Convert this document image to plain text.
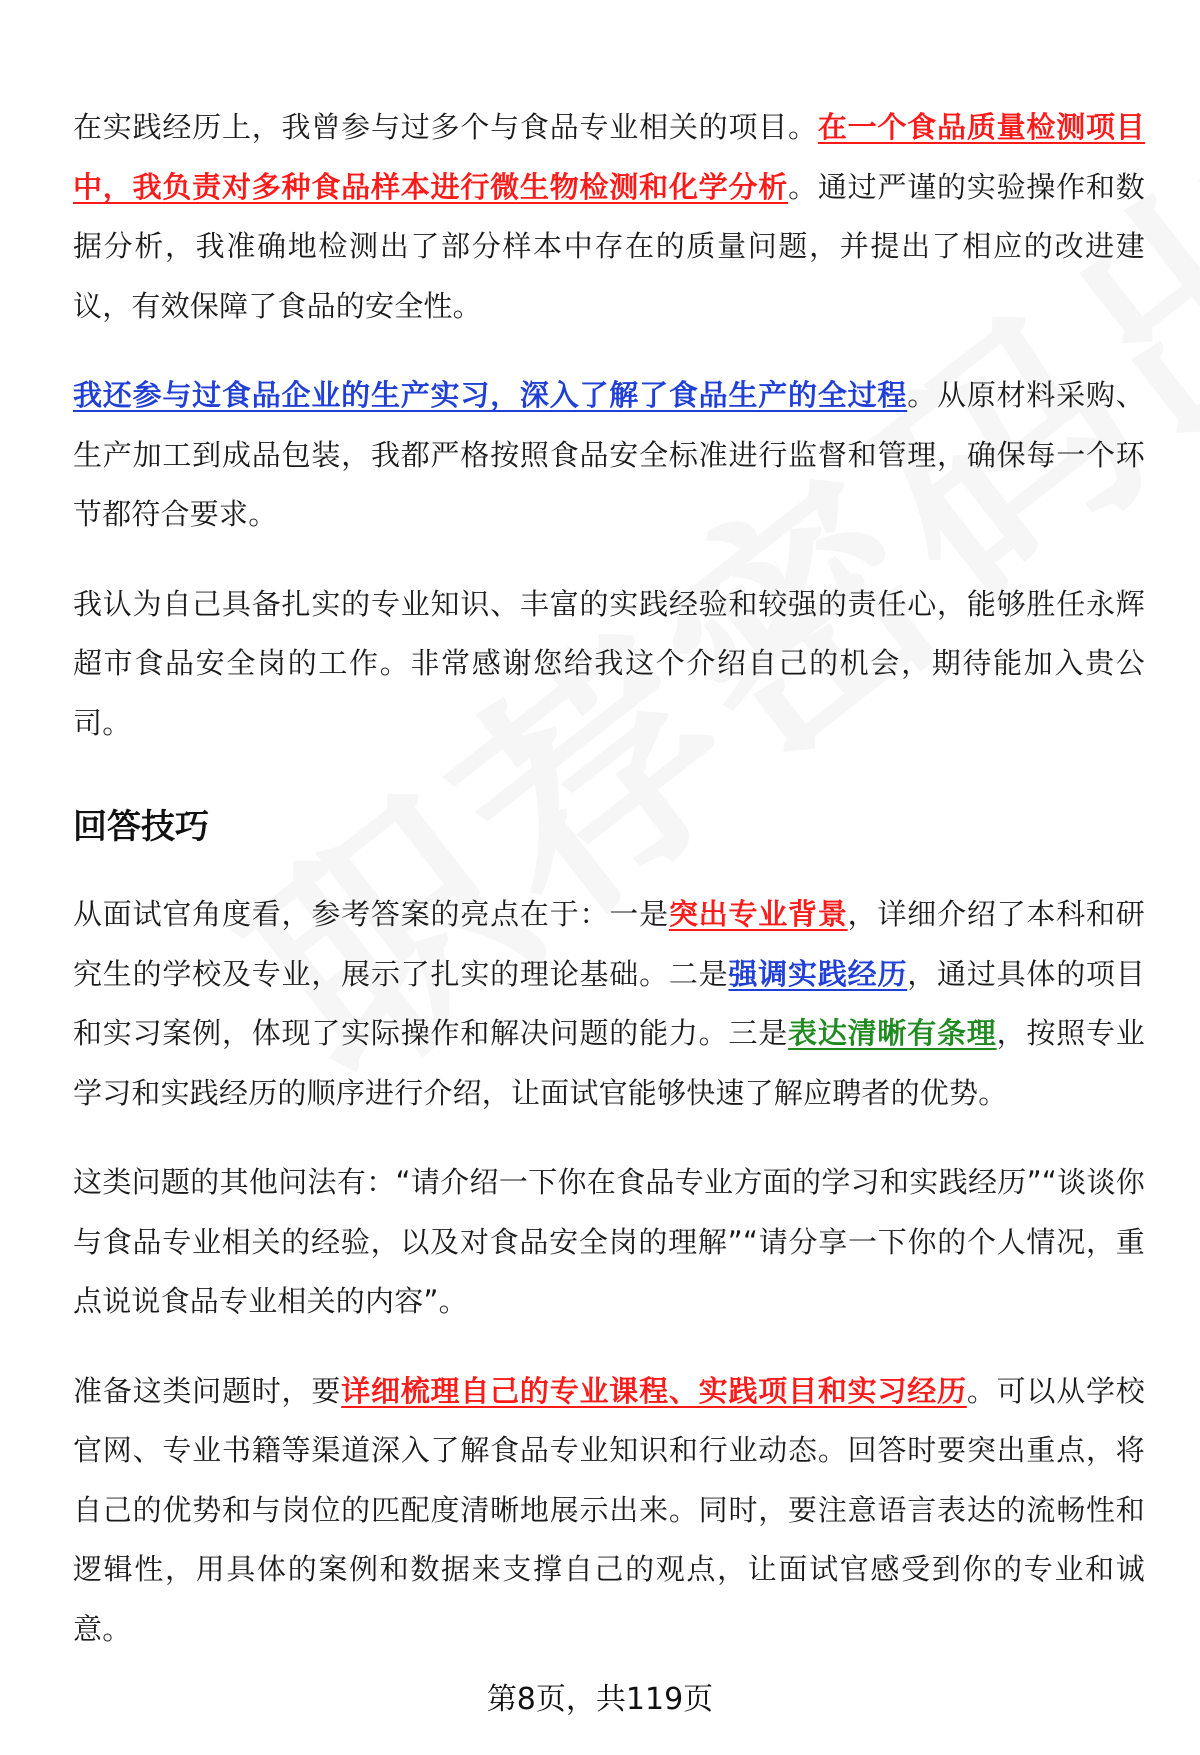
在实践经历上，我曾参与过多个与食品专业相关的项目。在一个食品质量检测项目中，我负责对多种食品样本进行微生物检测和化学分析。通过严谨的实验操作和数据分析，我准确地检测出了部分样本中存在的质量问题，并提出了相应的改进建议，有效保障了食品的安全性。

我还参与过食品企业的生产实习，深入了解了食品生产的全过程。从原材料采购、生产加工到成品包装，我都严格按照食品安全标准进行监督和管理，确保每一个环节都符合要求。

我认为自己具备扎实的专业知识、丰富的实践经验和较强的责任心，能够胜任永辉超市食品安全岗的工作。非常感谢您给我这个介绍自己的机会，期待能加入贵公司。

回答技巧

从面试官角度看，参考答案的亮点在于：一是突出专业背景，详细介绍了本科和研究生的学校及专业，展示了扎实的理论基础。二是强调实践经历，通过具体的项目和实习案例，体现了实际操作和解决问题的能力。三是表达清晰有条理，按照专业学习和实践经历的顺序进行介绍，让面试官能够快速了解应聘者的优势。

这类问题的其他问法有：“请介绍一下你在食品专业方面的学习和实践经历”“谈谈你与食品专业相关的经验，以及对食品安全岗的理解”“请分享一下你的个人情况，重点说说食品专业相关的内容”。

准备这类问题时，要详细梳理自己的专业课程、实践项目和实习经历。可以从学校官网、专业书籍等渠道深入了解食品专业知识和行业动态。回答时要突出重点，将自己的优势和与岗位的匹配度清晰地展示出来。同时，要注意语言表达的流畅性和逻辑性，用具体的案例和数据来支撑自己的观点，让面试官感受到你的专业和诚意。

第8页，共119页
